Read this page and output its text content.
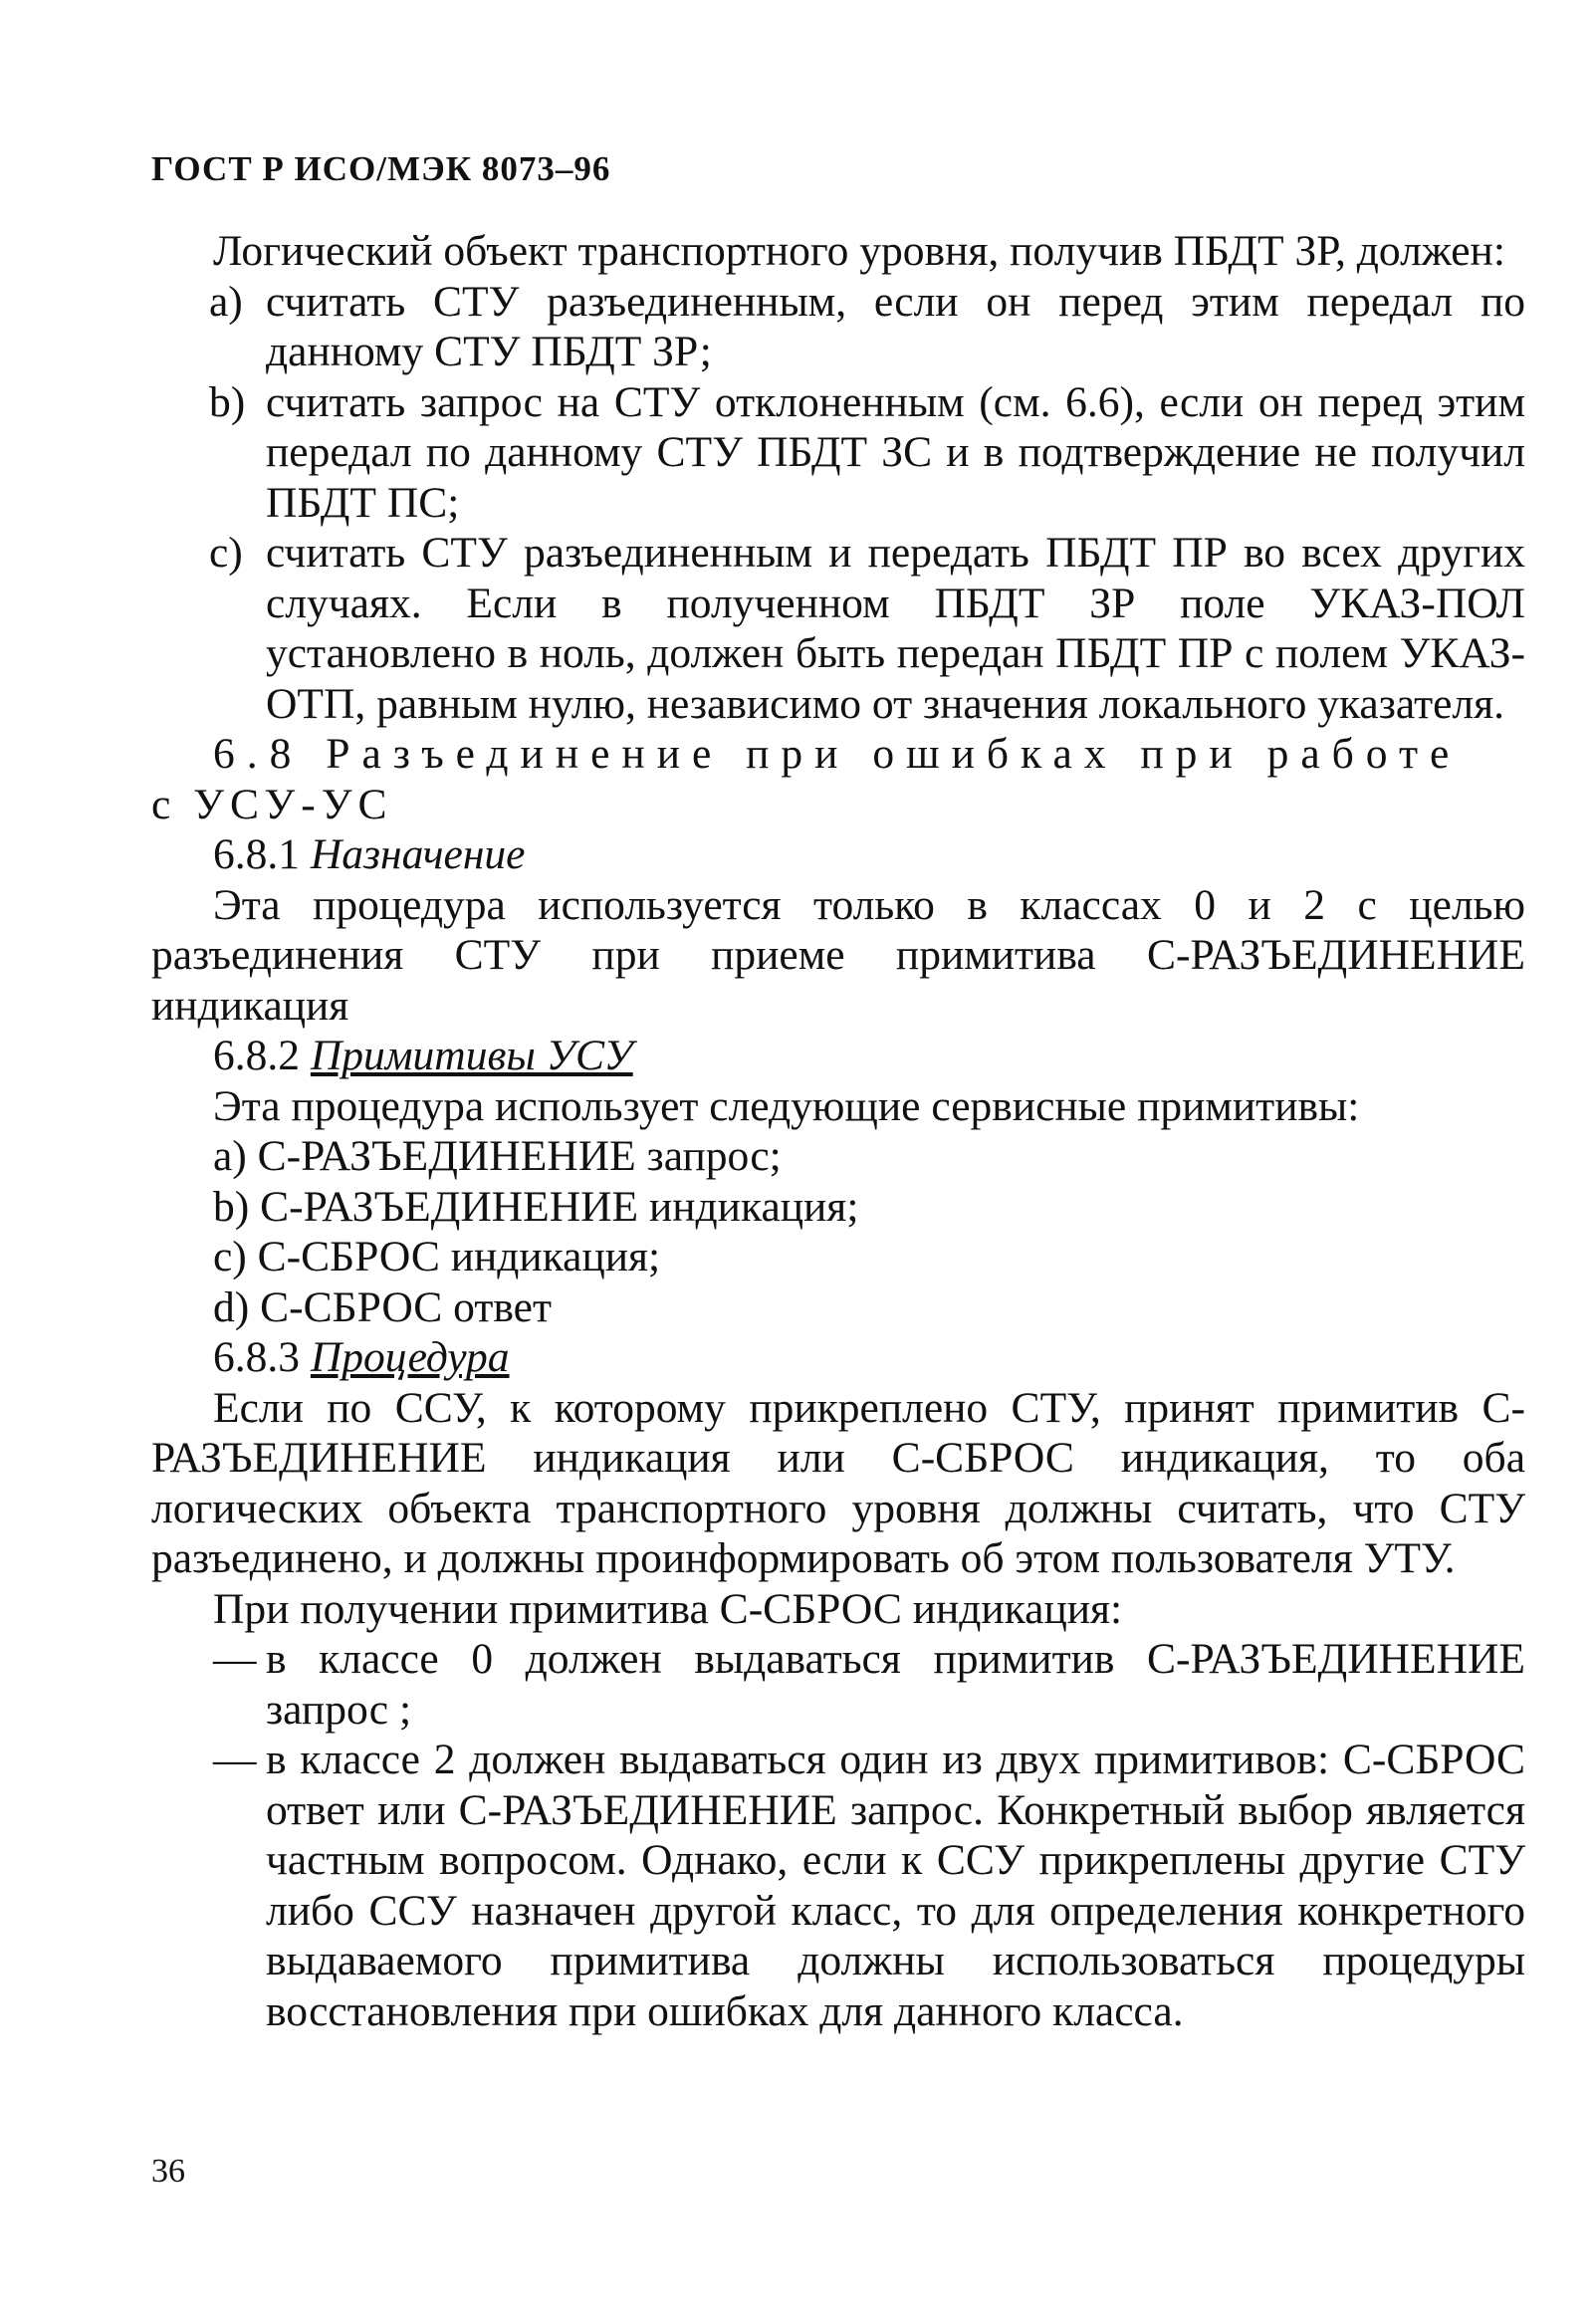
ГОСТ Р ИСО/МЭК 8073–96

Логический объект транспортного уровня, получив ПБДТ ЗР, должен:

a) считать СТУ разъединенным, если он перед этим передал по данному СТУ ПБДТ ЗР;
b) считать запрос на СТУ отклоненным (см. 6.6), если он перед этим передал по данному СТУ ПБДТ ЗС и в подтверждение не получил ПБДТ ПС;
c) считать СТУ разъединенным и передать ПБДТ ПР во всех других случаях. Если в полученном ПБДТ ЗР поле УКАЗ-ПОЛ установлено в ноль, должен быть передан ПБДТ ПР с полем УКАЗ-ОТП, равным нулю, независимо от значения локального указателя.

6.8 Разъединение при ошибках при работе

с УСУ-УС

6.8.1 Назначение

Эта процедура используется только в классах 0 и 2 с целью разъединения СТУ при приеме примитива С-РАЗЪЕДИНЕНИЕ индикация

6.8.2 Примитивы УСУ

Эта процедура использует следующие сервисные примитивы:

a) С-РАЗЪЕДИНЕНИЕ запрос;

b) С-РАЗЪЕДИНЕНИЕ индикация;

c) С-СБРОС индикация;

d) С-СБРОС ответ

6.8.3 Процедура

Если по ССУ, к которому прикреплено СТУ, принят примитив С-РАЗЪЕДИНЕНИЕ индикация или С-СБРОС индикация, то оба логических объекта транспортного уровня должны считать, что СТУ разъединено, и должны проинформировать об этом пользователя УТУ.

При получении примитива С-СБРОС индикация:

— в классе 0 должен выдаваться примитив С-РАЗЪЕДИНЕНИЕ запрос ;
— в классе 2 должен выдаваться один из двух примитивов: С-СБРОС ответ или С-РАЗЪЕДИНЕНИЕ запрос. Конкретный выбор является частным вопросом. Однако, если к ССУ прикреплены другие СТУ либо ССУ назначен другой класс, то для определения конкретного выдаваемого примитива должны использоваться процедуры восстановления при ошибках для данного класса.
36
